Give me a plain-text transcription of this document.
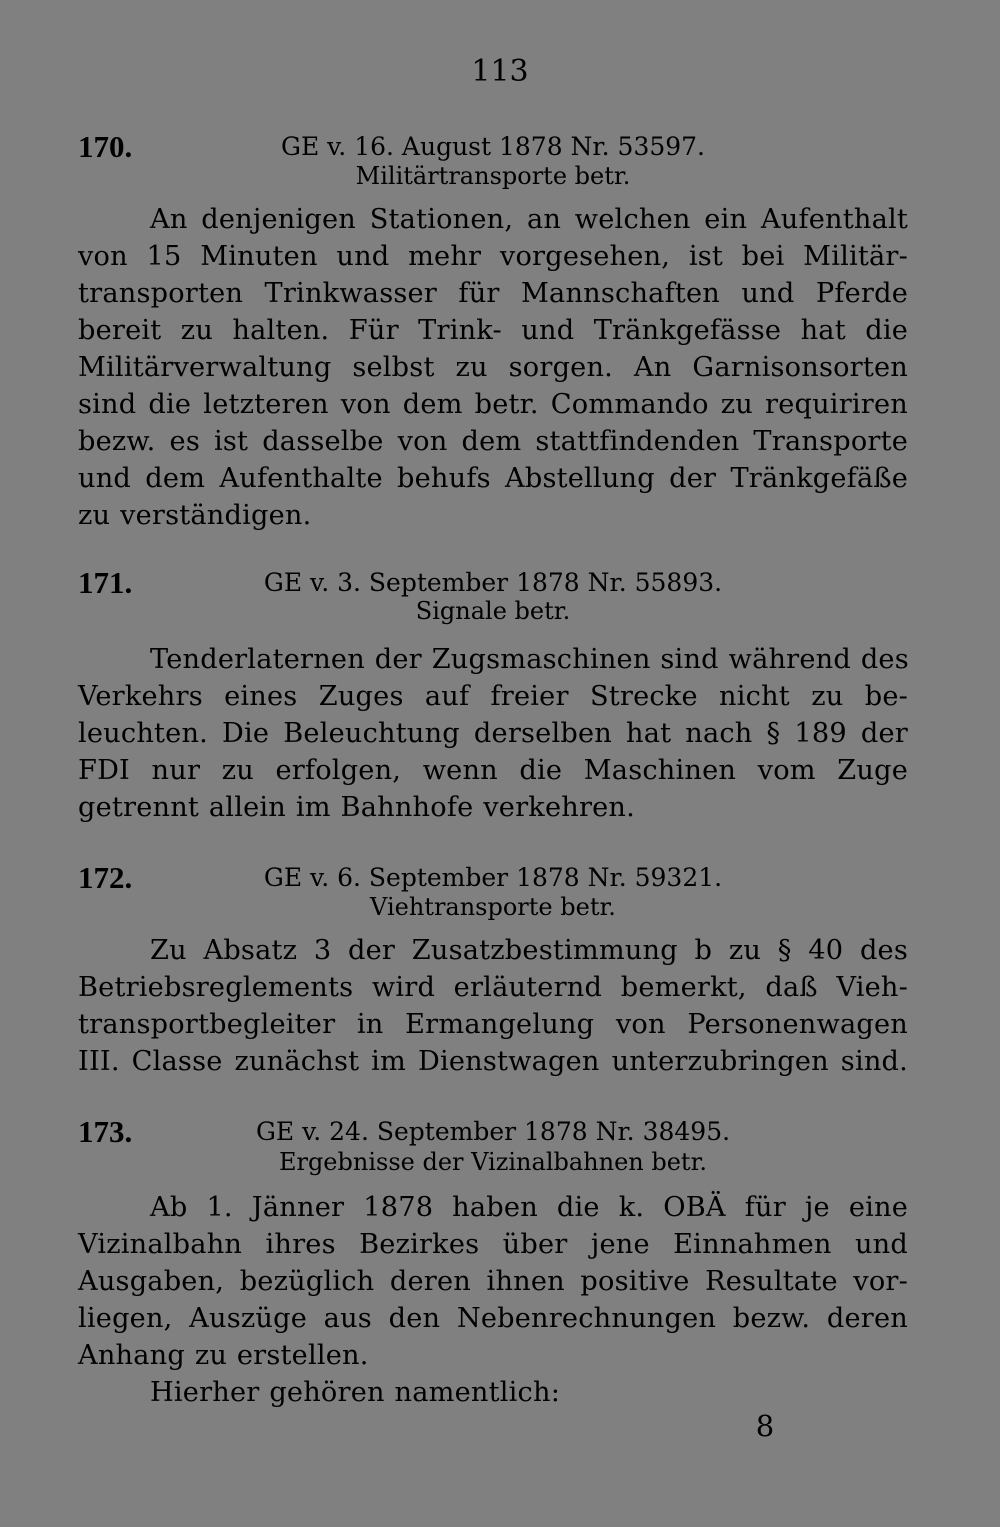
113
GE v. 16. August 1878 Nr. 53597.
170.
Militärtransporte betr.
An denjenigen Stationen, an welchen ein Aufenthalt
von 15 Minuten und mehr vorgesehen, ist bei Militär-
transporten Trinkwasser für Mannschaften und Pferde
bereit zu halten. Für Trink- und Tränkgefässe hat die
Militärverwaltung selbst zu sorgen. An Garnisonsorten
sind die letzteren von dem betr. Commando zu requiriren
bezw. es ist dasselbe von dem stattfindenden Transporte
und dem Aufenthalte behufs Abstellung der Tränkgefäße
zu verständigen.
GE v. 3. September 1878 Nr. 55893.
171.
Signale betr.
Tenderlaternen der Zugsmaschinen sind während des
Verkehrs eines Zuges auf freier Strecke nicht zu be-
leuchten. Die Beleuchtung derselben hat nach § 189 der
FDI nur zu erfolgen, wenn die Maschinen vom Zuge
getrennt allein im Bahnhofe verkehren.
GE v. 6. September 1878 Nr. 59321.
172.
Viehtransporte betr.
Zu Absatz 3 der Zusatzbestimmung b zu § 40 des
Betriebsreglements wird erläuternd bemerkt, daß Vieh-
transportbegleiter in Ermangelung von Personenwagen
III. Classe zunächst im Dienstwagen unterzubringen sind.
GE v. 24. September 1878 Nr. 38495.
173.
Ergebnisse der Vizinalbahnen betr.
Ab 1. Jänner 1878 haben die k. OBÄ für je eine
Vizinalbahn ihres Bezirkes über jene Einnahmen und
Ausgaben, bezüglich deren ihnen positive Resultate vor-
liegen, Auszüge aus den Nebenrechnungen bezw. deren
Anhang zu erstellen.
Hierher gehören namentlich:
8
